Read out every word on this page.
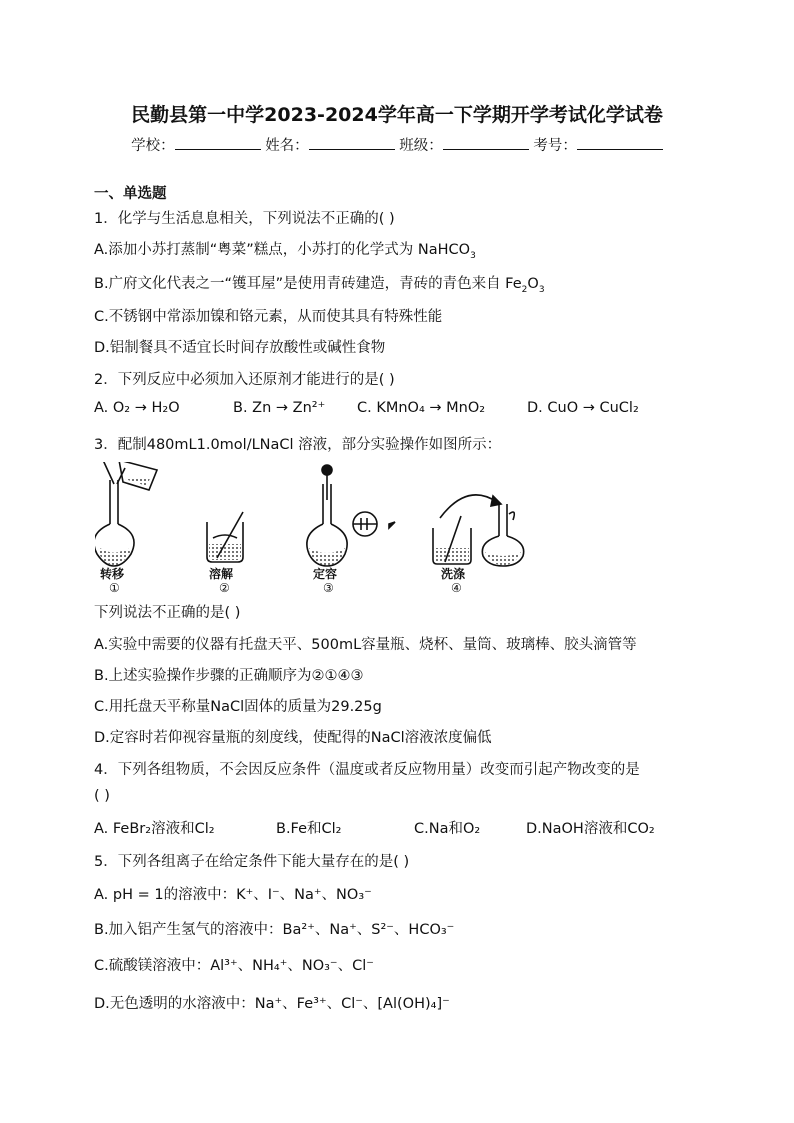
民勤县第一中学2023-2024学年高一下学期开学考试化学试卷
学校：	姓名：	班级：	考号：
一、单选题
1．化学与生活息息相关，下列说法不正确的( )
A.添加小苏打蒸制“粤菜”糕点，小苏打的化学式为 NaHCO$_3$
B.广府文化代表之一“镬耳屋”是使用青砖建造，青砖的青色来自 $Fe_2O_3$
C.不锈钢中常添加镍和铬元素，从而使其具有特殊性能
D.铝制餐具不适宜长时间存放酸性或碱性食物
2．下列反应中必须加入还原剂才能进行的是( )
A. O₂ → H₂O	B. Zn → Zn²⁺ C. KMnO₄ → MnO₂	D. CuO → CuCl₂
3．配制480mL1.0mol/LNaCl 溶液，部分实验操作如图所示：
转移
①
溶解
②
定容
③
洗涤
④
下列说法不正确的是( )
A.实验中需要的仪器有托盘天平、500mL容量瓶、烧杯、量筒、玻璃棒、胶头滴管等
B.上述实验操作步骤的正确顺序为②①④③
C.用托盘天平称量NaCl固体的质量为29.25g
D.定容时若仰视容量瓶的刻度线，使配得的NaCl溶液浓度偏低
4．下列各组物质，不会因反应条件（温度或者反应物用量）改变而引起产物改变的是
( )
A. FeBr₂溶液和Cl₂	B.Fe和Cl₂	C.Na和O₂	D.NaOH溶液和CO₂
5．下列各组离子在给定条件下能大量存在的是( )
A. pH = 1的溶液中：K⁺、I⁻、Na⁺、NO₃⁻
B.加入铝产生氢气的溶液中：Ba²⁺、Na⁺、S²⁻、HCO₃⁻
C.硫酸镁溶液中：Al³⁺、NH₄⁺、NO₃⁻、Cl⁻
D.无色透明的水溶液中：Na⁺、Fe³⁺、Cl⁻、[Al(OH)₄]⁻
